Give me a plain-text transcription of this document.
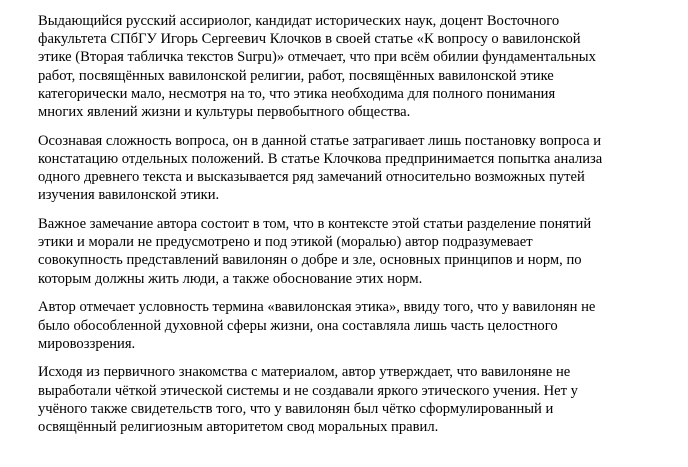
Выдающийся русский ассириолог, кандидат исторических наук, доцент Восточного
факультета СПбГУ Игорь Сергеевич Клочков в своей статье «К вопросу о вавилонской
этике (Вторая табличка текстов Surpu)» отмечает, что при всём обилии фундаментальных
работ, посвящённых вавилонской религии, работ, посвящённых вавилонской этике
категорически мало, несмотря на то, что этика необходима для полного понимания
многих явлений жизни и культуры первобытного общества.

Осознавая сложность вопроса, он в данной статье затрагивает лишь постановку вопроса и
констатацию отдельных положений. В статье Клочкова предпринимается попытка анализа
одного древнего текста и высказывается ряд замечаний относительно возможных путей
изучения вавилонской этики.

Важное замечание автора состоит в том, что в контексте этой статьи разделение понятий
этики и морали не предусмотрено и под этикой (моралью) автор подразумевает
совокупность представлений вавилонян о добре и зле, основных принципов и норм, по
которым должны жить люди, а также обоснование этих норм.

Автор отмечает условность термина «вавилонская этика», ввиду того, что у вавилонян не
было обособленной духовной сферы жизни, она составляла лишь часть целостного
мировоззрения.

Исходя из первичного знакомства с материалом, автор утверждает, что вавилоняне не
выработали чёткой этической системы и не создавали яркого этического учения. Нет у
учёного также свидетельств того, что у вавилонян был чётко сформулированный и
освящённый религиозным авторитетом свод моральных правил.
